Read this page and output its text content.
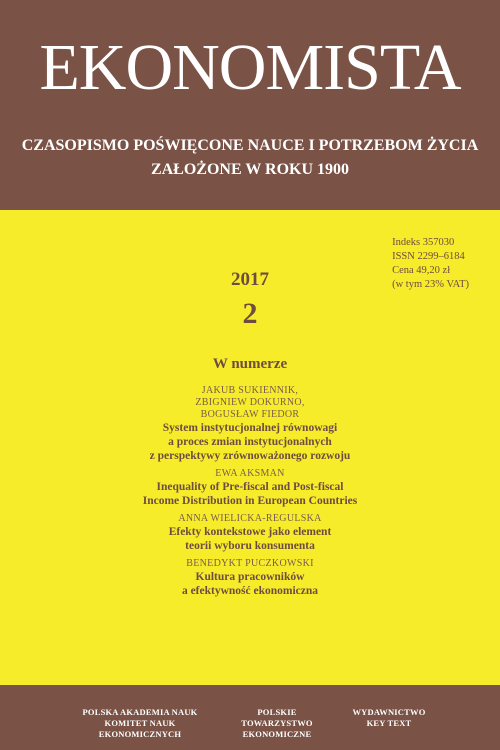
EKONOMISTA
CZASOPISMO POŚWIĘCONE NAUCE I POTRZEBOM ŻYCIA
ZAŁOŻONE W ROKU 1900
Indeks 357030
ISSN 2299–6184
Cena 49,20 zł
(w tym 23% VAT)
2017
2
W numerze
JAKUB SUKIENNIK,
ZBIGNIEW DOKURNO,
BOGUSŁAW FIEDOR
System instytucjonalnej równowagi
a proces zmian instytucjonalnych
z perspektywy zrównoważonego rozwoju
EWA AKSMAN
Inequality of Pre-fiscal and Post-fiscal
Income Distribution in European Countries
ANNA WIELICKA-REGULSKA
Efekty kontekstowe jako element
teorii wyboru konsumenta
BENEDYKT PUCZKOWSKI
Kultura pracowników
a efektywność ekonomiczna
POLSKA AKADEMIA NAUK
KOMITET NAUK EKONOMICZNYCH
POLSKIE TOWARZYSTWO
EKONOMICZNE
WYDAWNICTWO
KEY TEXT
